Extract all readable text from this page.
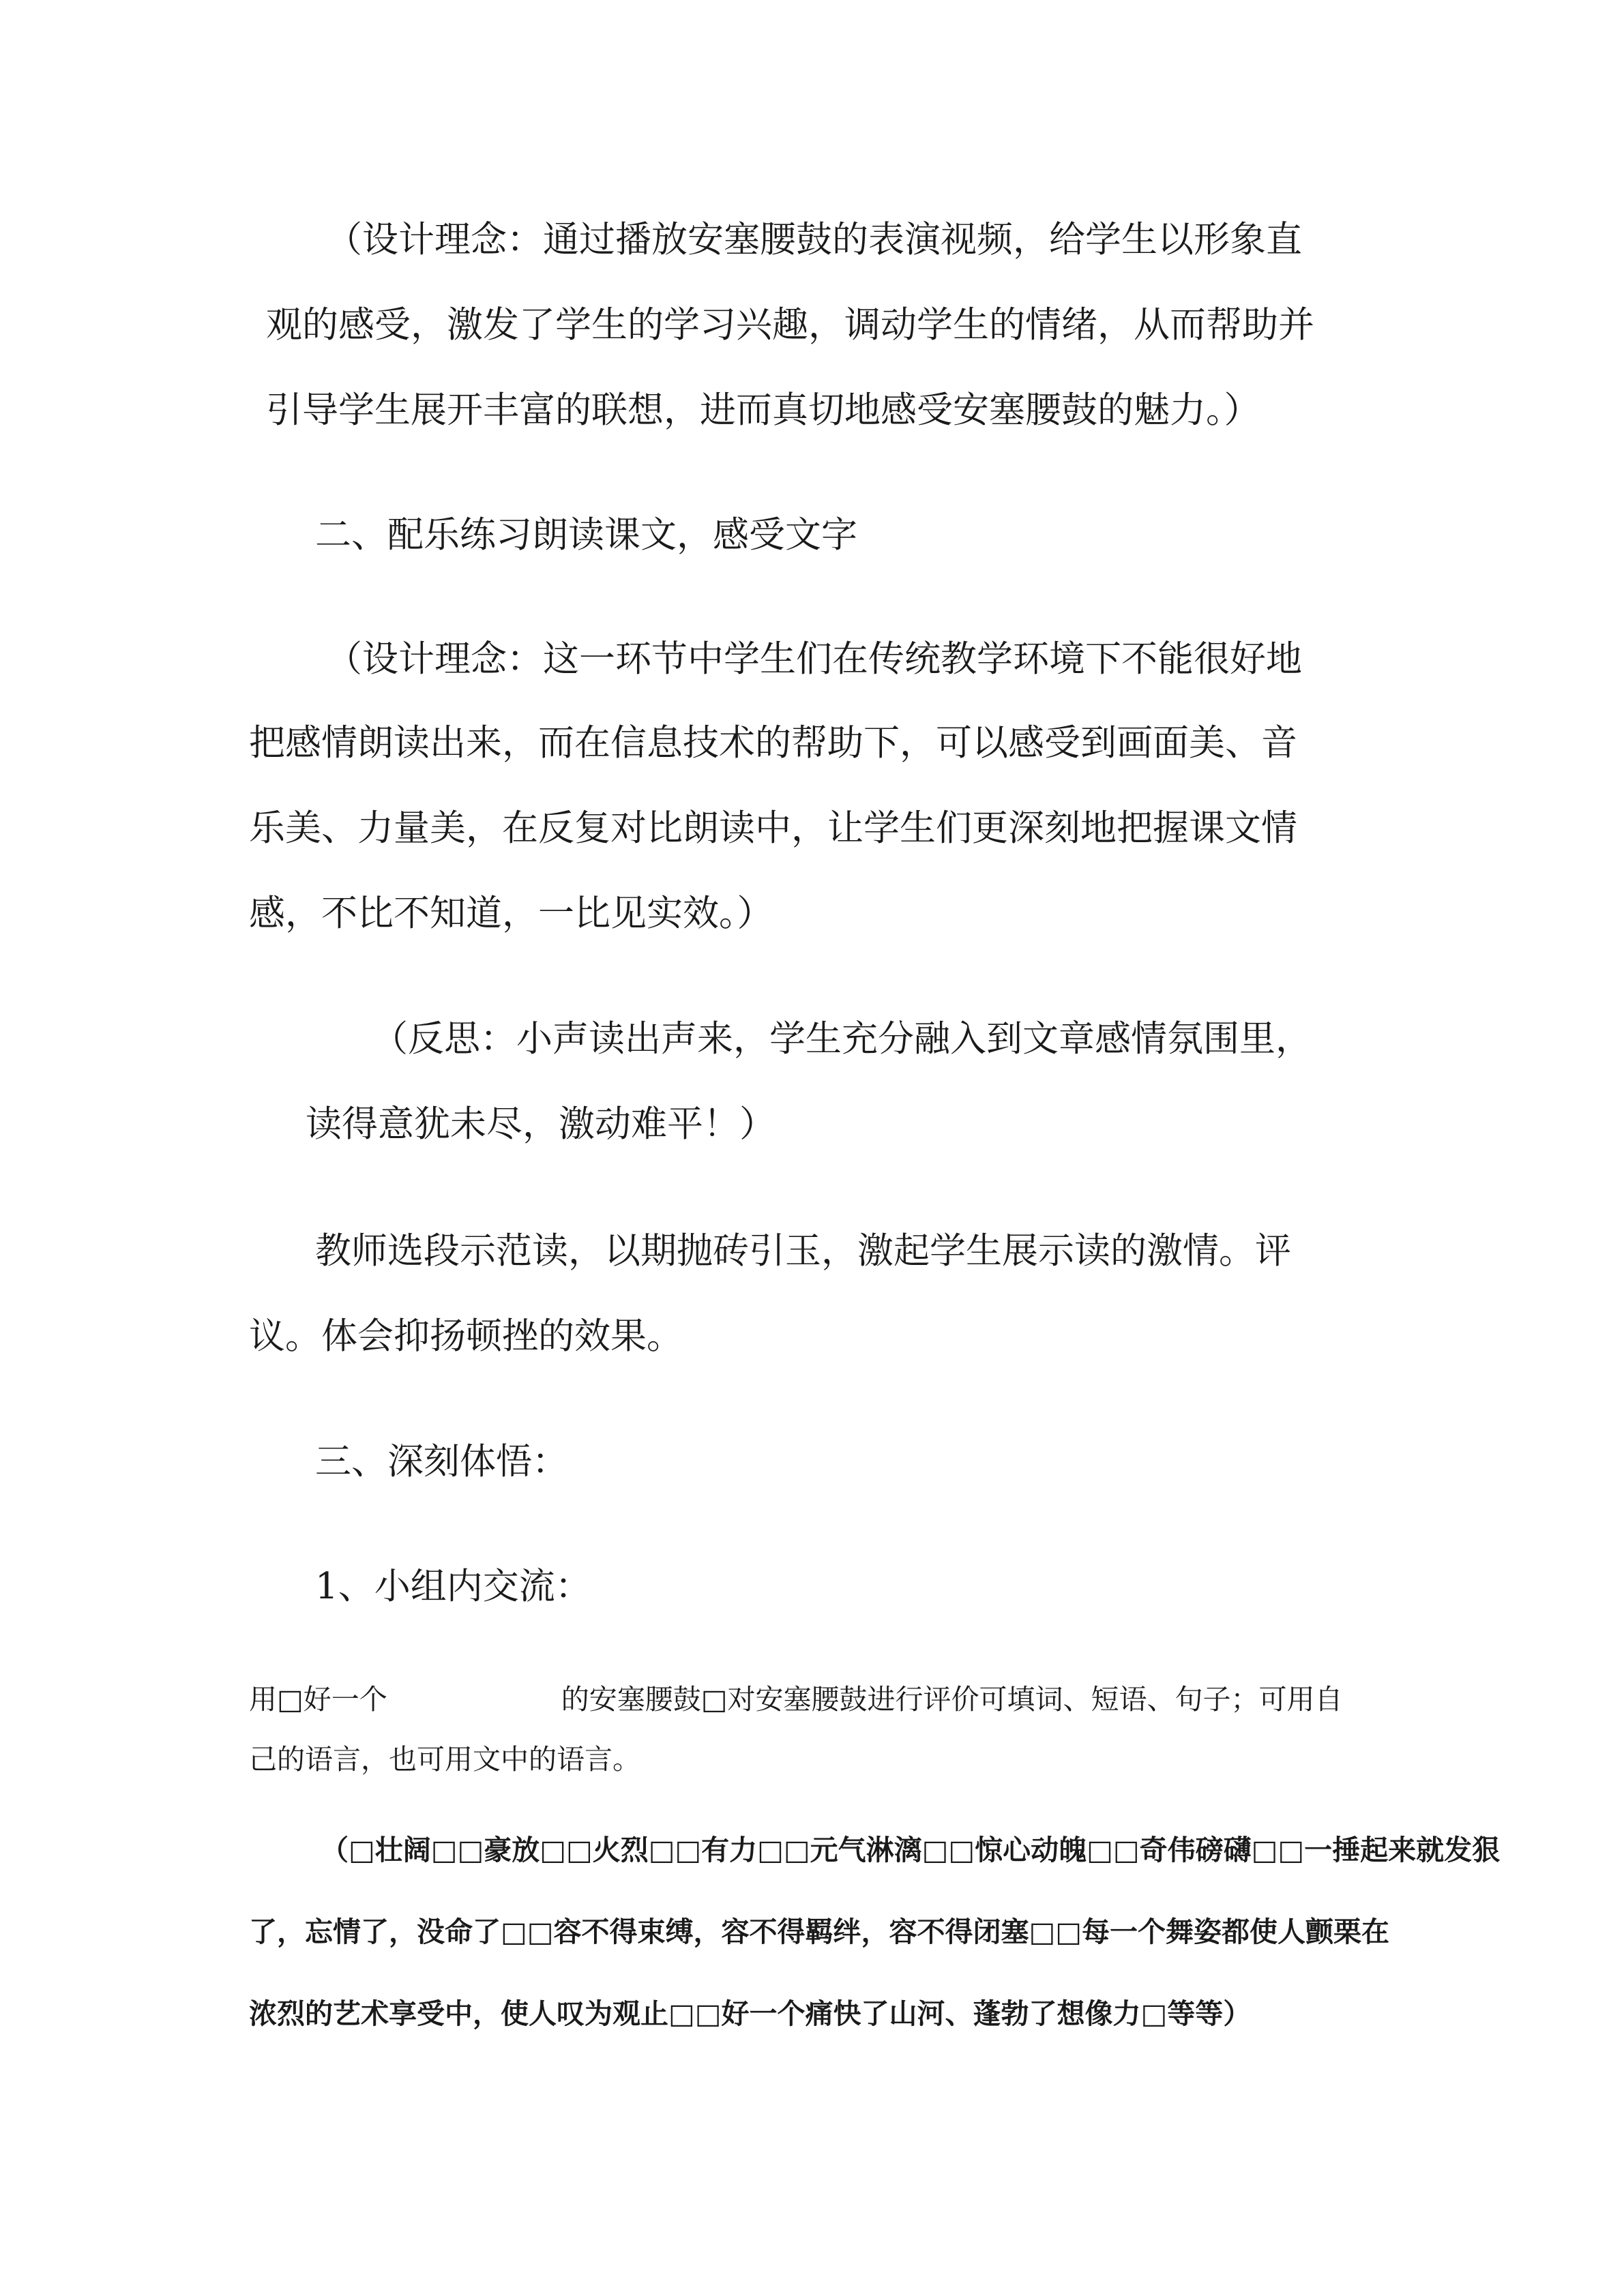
（设计理念：通过播放安塞腰鼓的表演视频，给学生以形象直

观的感受，激发了学生的学习兴趣，调动学生的情绪，从而帮助并

引导学生展开丰富的联想，进而真切地感受安塞腰鼓的魅力。）

二、配乐练习朗读课文，感受文字

（设计理念：这一环节中学生们在传统教学环境下不能很好地

把感情朗读出来，而在信息技术的帮助下，可以感受到画面美、音

乐美、力量美，在反复对比朗读中，让学生们更深刻地把握课文情

感，不比不知道，一比见实效。）

（反思：小声读出声来，学生充分融入到文章感情氛围里，

读得意犹未尽，激动难平！）

教师选段示范读，以期抛砖引玉，激起学生展示读的激情。评

议。体会抑扬顿挫的效果。

三、深刻体悟：

1、小组内交流：

用□好一个	的安塞腰鼓□对安塞腰鼓进行评价可填词、短语、句子；可用自

己的语言，也可用文中的语言。

（□壮阔□□豪放□□火烈□□有力□□元气淋漓□□惊心动魄□□奇伟磅礴□□一捶起来就发狠

了，忘情了，没命了□□容不得束缚，容不得羁绊，容不得闭塞□□每一个舞姿都使人颤栗在

浓烈的艺术享受中，使人叹为观止□□好一个痛快了山河、蓬勃了想像力□等等）
